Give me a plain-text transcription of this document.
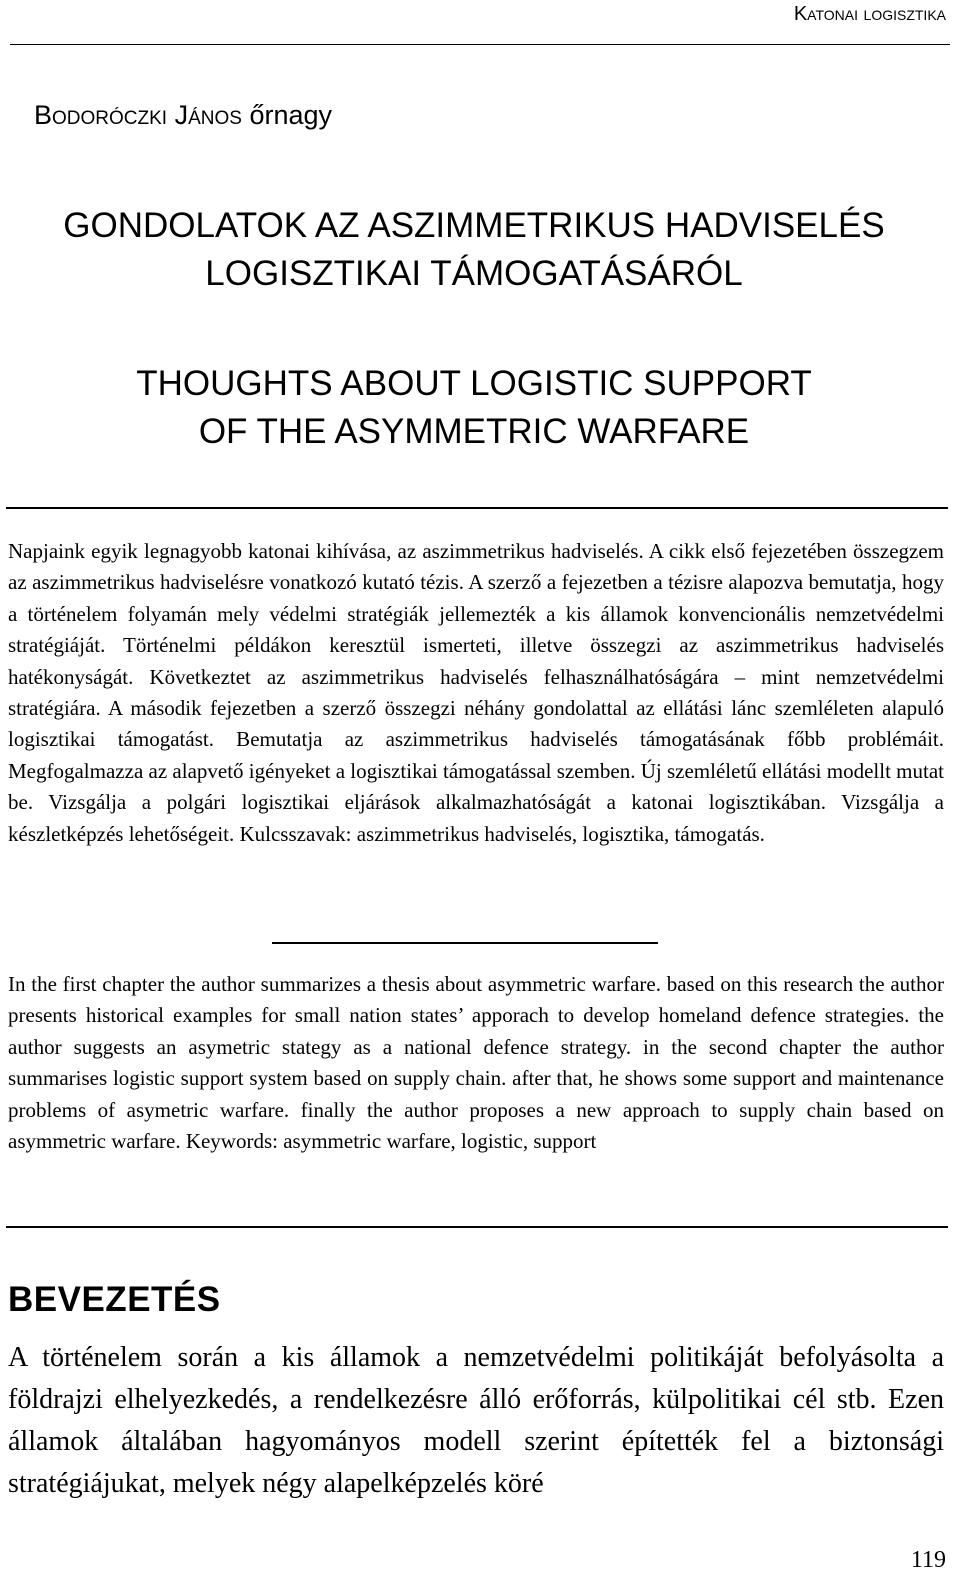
Katonai logisztika
Bodoróczki János őrnagy
GONDOLATOK AZ ASZIMMETRIKUS HADVISELÉS
LOGISZTIKAI TÁMOGATÁSÁRÓL
THOUGHTS ABOUT LOGISTIC SUPPORT
OF THE ASYMMETRIC WARFARE

Napjaink egyik legnagyobb katonai kihívása, az aszimmetrikus hadviselés. A cikk első fejezetében összegzem az aszimmetrikus hadviselésre vonatkozó kutató tézis. A szerző a fejezetben a tézisre alapozva bemutatja, hogy a történelem folyamán mely védelmi stratégiák jellemezték a kis államok konvencionális nemzetvédelmi stratégiáját. Történelmi példákon keresztül ismerteti, illetve összegzi az aszimmetrikus hadviselés hatékonyságát. Következtet az aszimmetrikus hadviselés felhasználhatóságára – mint nemzetvédelmi stratégiára. A második fejezetben a szerző összegzi néhány gondolattal az ellátási lánc szemléleten alapuló logisztikai támogatást. Bemutatja az aszimmetrikus hadviselés támogatásának főbb problémáit. Megfogalmazza az alapvető igényeket a logisztikai támogatással szemben. Új szemléletű ellátási modellt mutat be. Vizsgálja a polgári logisztikai eljárások alkalmazhatóságát a katonai logisztikában. Vizsgálja a készletképzés lehetőségeit. Kulcsszavak: aszimmetrikus hadviselés, logisztika, támogatás.

In the first chapter the author summarizes a thesis about asymmetric warfare. based on this research the author presents historical examples for small nation states’ apporach to develop homeland defence strategies. the author suggests an asymetric stategy as a national defence strategy. in the second chapter the author summarises logistic support system based on supply chain. after that, he shows some support and maintenance problems of asymetric warfare. finally the author proposes a new approach to supply chain based on asymmetric warfare. Keywords: asymmetric warfare, logistic, support

BEVEZETÉS

A történelem során a kis államok a nemzetvédelmi politikáját befolyásolta a földrajzi elhelyezkedés, a rendelkezésre álló erőforrás, külpolitikai cél stb. Ezen államok általában hagyományos modell szerint építették fel a biztonsági stratégiájukat, melyek négy alapelképzelés köré

119
